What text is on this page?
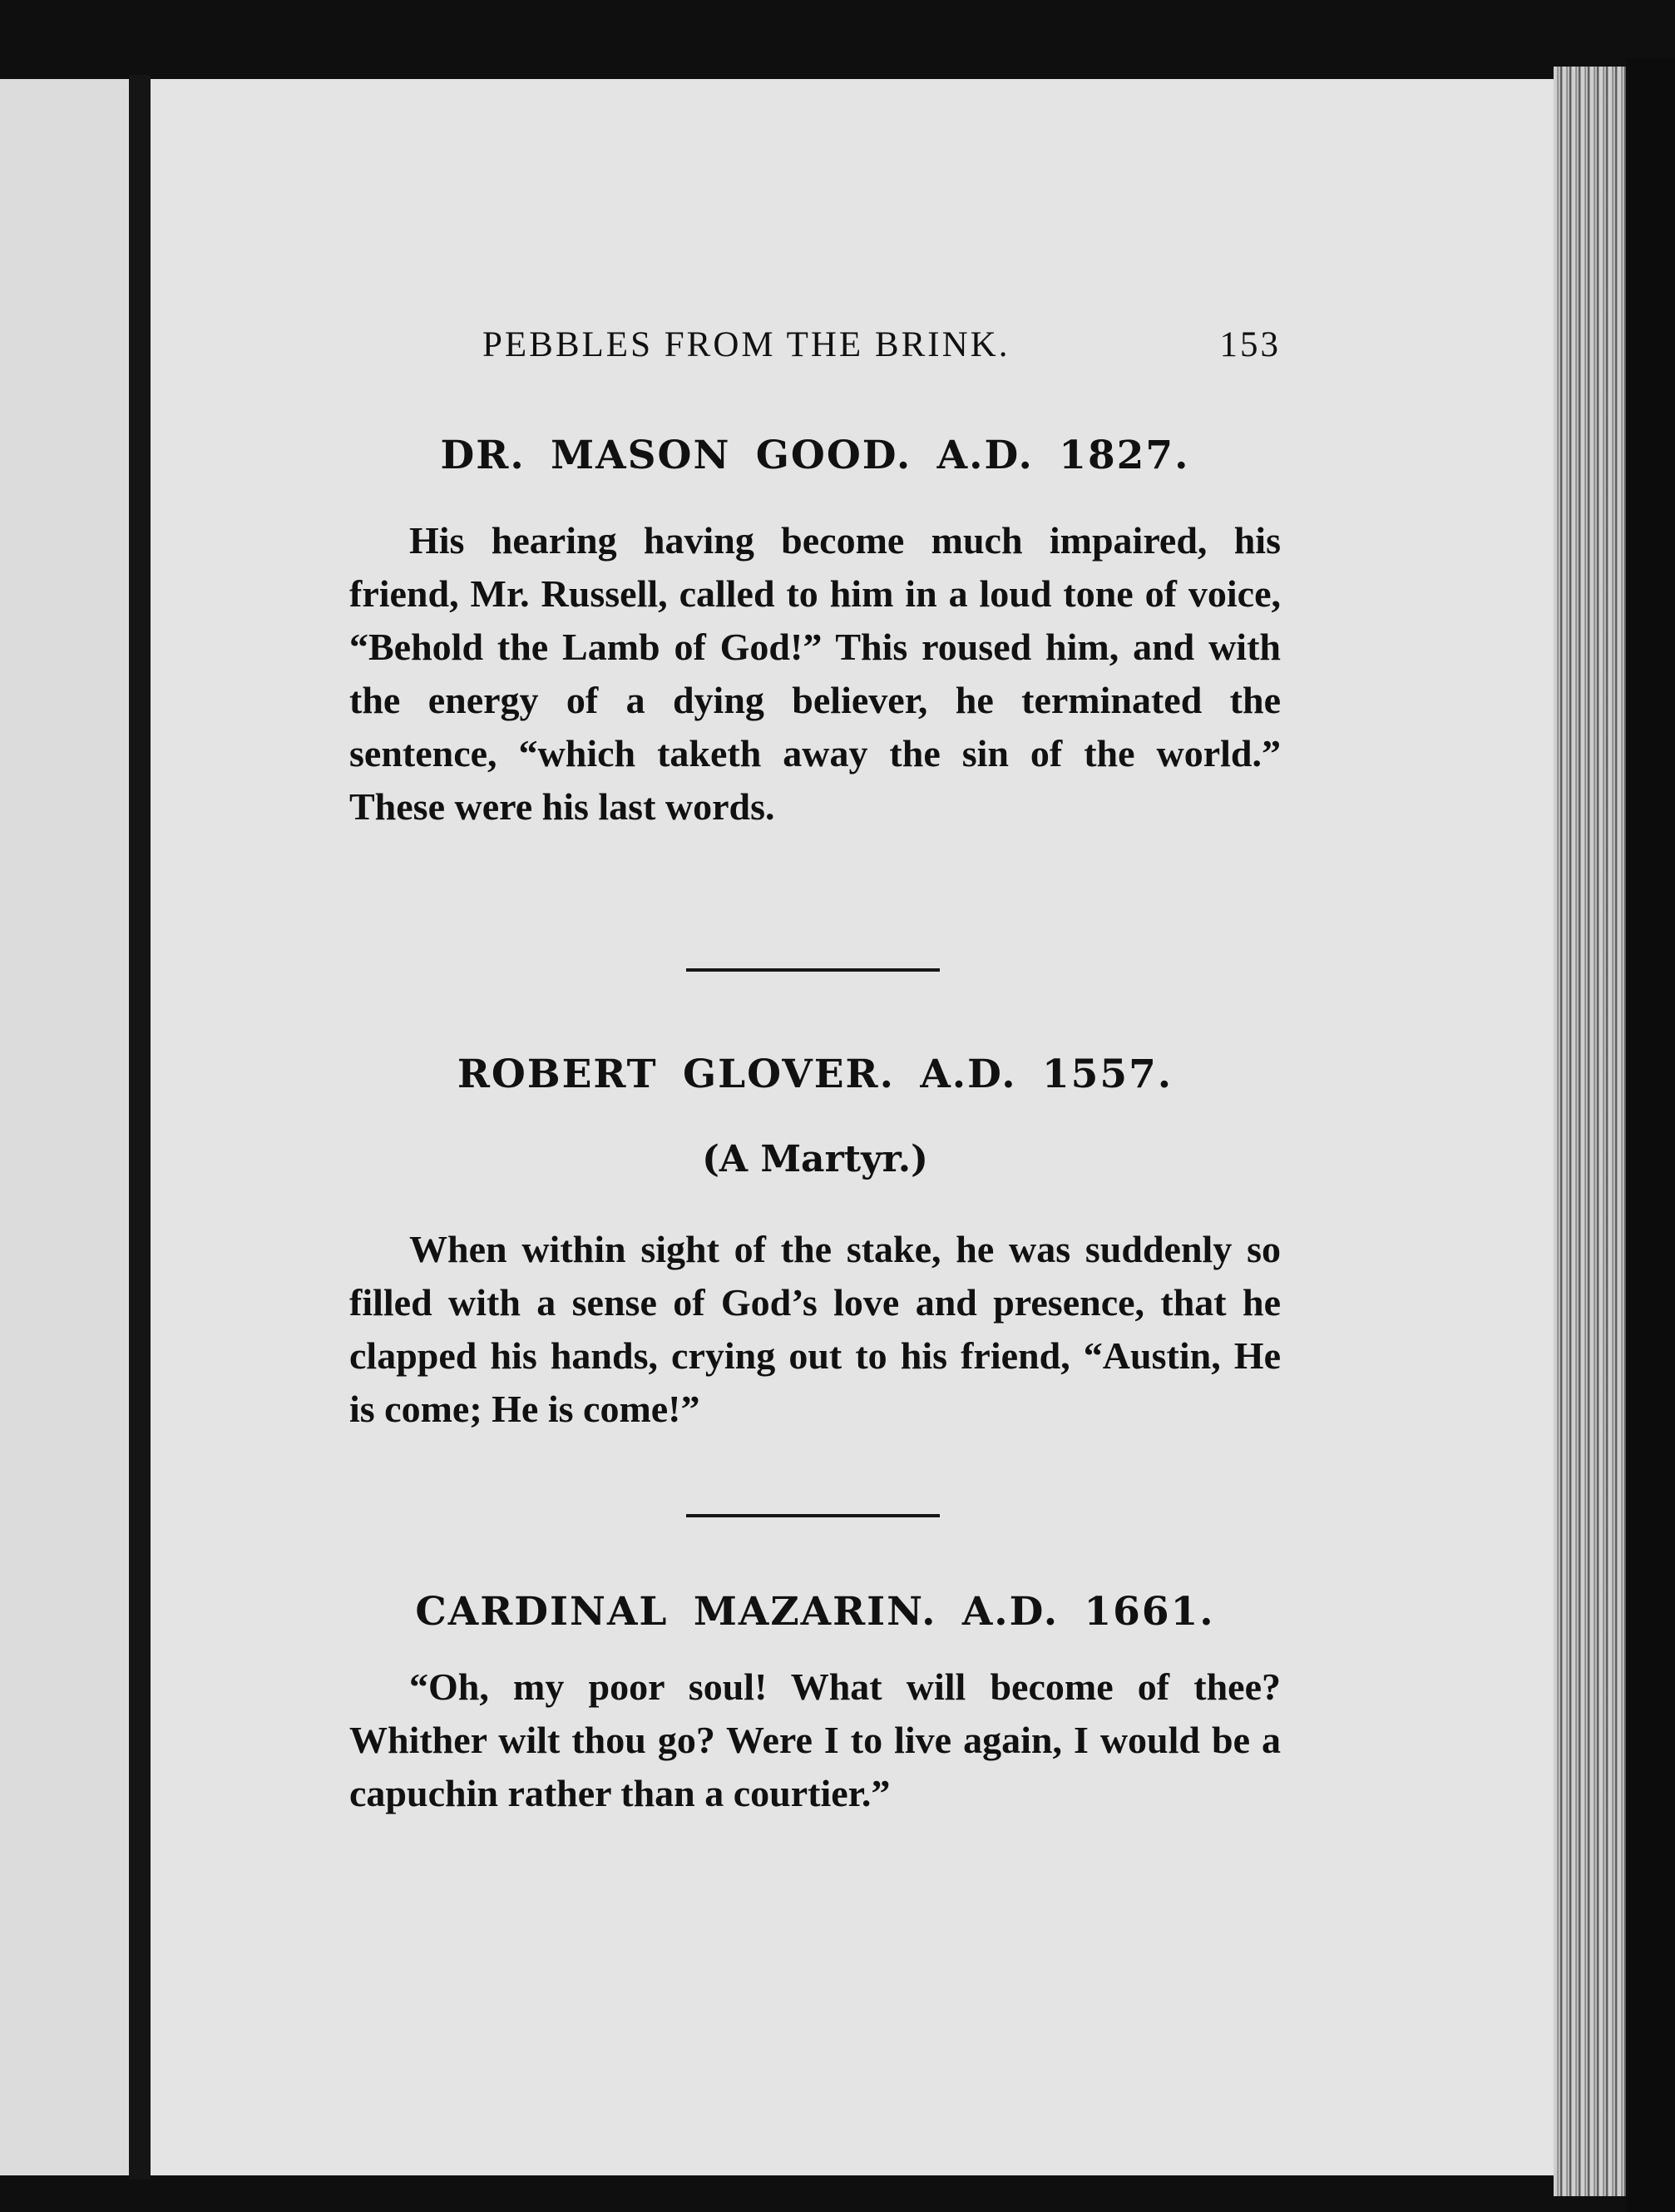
PEBBLES FROM THE BRINK.	153
DR. MASON GOOD. A.D. 1827.

His hearing having become much impaired, his friend, Mr. Russell, called to him in a loud tone of voice, “Behold the Lamb of God!” This roused him, and with the energy of a dying believer, he terminated the sentence, “which taketh away the sin of the world.” These were his last words.

ROBERT GLOVER. A.D. 1557.
(A Martyr.)

When within sight of the stake, he was suddenly so filled with a sense of God’s love and presence, that he clapped his hands, crying out to his friend, “Austin, He is come; He is come!”

CARDINAL MAZARIN. A.D. 1661.

“Oh, my poor soul! What will become of thee? Whither wilt thou go? Were I to live again, I would be a capuchin rather than a courtier.”
